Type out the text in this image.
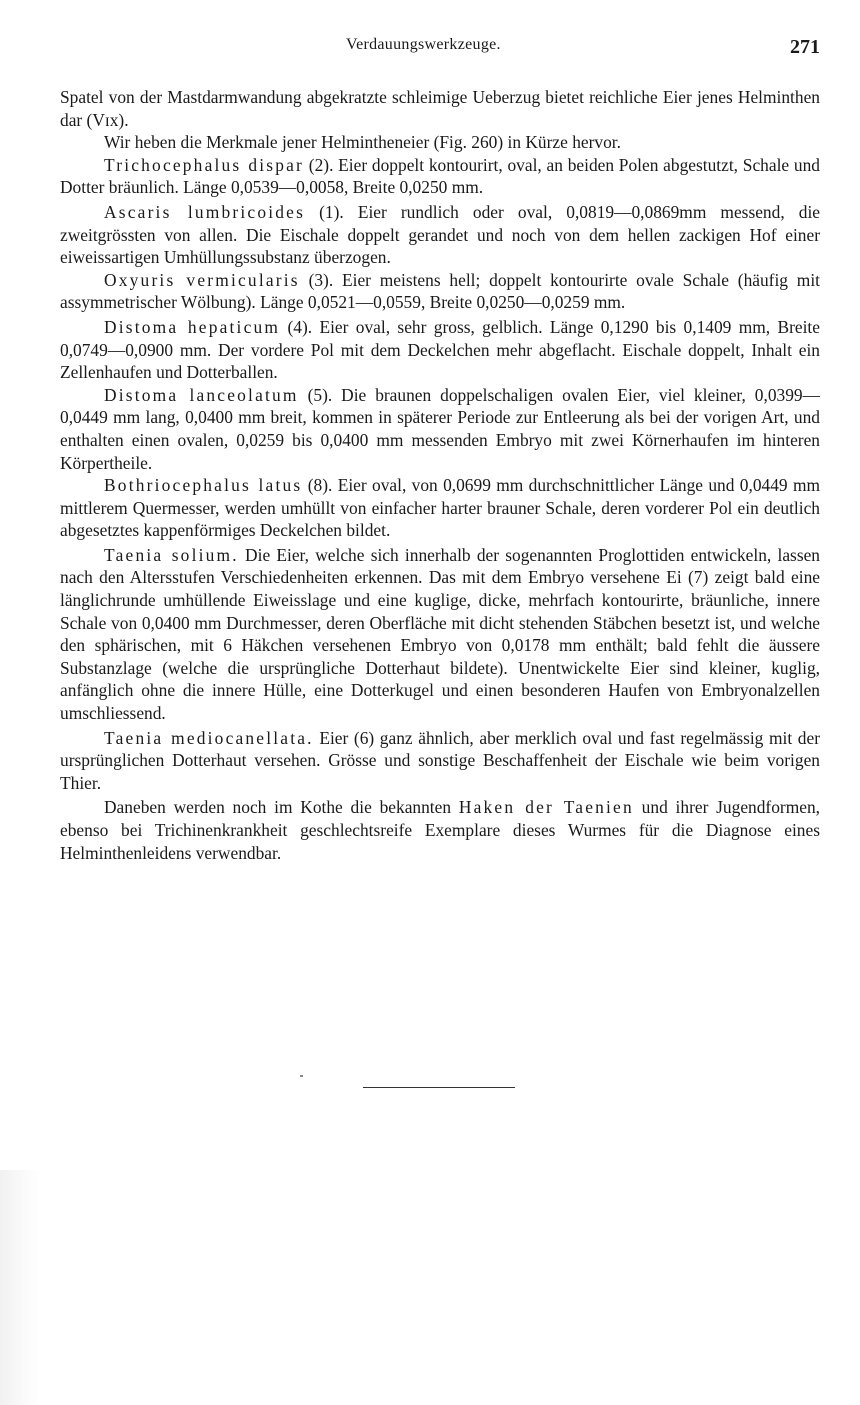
Verdauungswerkzeuge.	271

Spatel von der Mastdarmwandung abgekratzte schleimige Ueberzug bietet reichliche Eier jenes Helminthen dar (Vɪx).

Wir heben die Merkmale jener Helmintheneier (Fig. 260) in Kürze hervor.

Trichocephalus dispar (2). Eier doppelt kontourirt, oval, an beiden Polen abgestutzt, Schale und Dotter bräunlich. Länge 0,0539—0,0058, Breite 0,0250 mm.

Ascaris lumbricoides (1). Eier rundlich oder oval, 0,0819—0,0869mm messend, die zweitgrössten von allen. Die Eischale doppelt gerandet und noch von dem hellen zackigen Hof einer eiweissartigen Umhüllungssubstanz überzogen.

Oxyuris vermicularis (3). Eier meistens hell; doppelt kontourirte ovale Schale (häufig mit assymmetrischer Wölbung). Länge 0,0521—0,0559, Breite 0,0250—0,0259 mm.

Distoma hepaticum (4). Eier oval, sehr gross, gelblich. Länge 0,1290 bis 0,1409 mm, Breite 0,0749—0,0900 mm. Der vordere Pol mit dem Deckelchen mehr abgeflacht. Eischale doppelt, Inhalt ein Zellenhaufen und Dotterballen.

Distoma lanceolatum (5). Die braunen doppelschaligen ovalen Eier, viel kleiner, 0,0399—0,0449 mm lang, 0,0400 mm breit, kommen in späterer Periode zur Entleerung als bei der vorigen Art, und enthalten einen ovalen, 0,0259 bis 0,0400 mm messenden Embryo mit zwei Körnerhaufen im hinteren Körpertheile.

Bothriocephalus latus (8). Eier oval, von 0,0699 mm durchschnittlicher Länge und 0,0449 mm mittlerem Quermesser, werden umhüllt von einfacher harter brauner Schale, deren vorderer Pol ein deutlich abgesetztes kappenförmiges Deckelchen bildet.

Taenia solium. Die Eier, welche sich innerhalb der sogenannten Proglottiden entwickeln, lassen nach den Altersstufen Verschiedenheiten erkennen. Das mit dem Embryo versehene Ei (7) zeigt bald eine länglichrunde umhüllende Eiweisslage und eine kuglige, dicke, mehrfach kontourirte, bräunliche, innere Schale von 0,0400 mm Durchmesser, deren Oberfläche mit dicht stehenden Stäbchen besetzt ist, und welche den sphärischen, mit 6 Häkchen versehenen Embryo von 0,0178 mm enthält; bald fehlt die äussere Substanzlage (welche die ursprüngliche Dotterhaut bildete). Unentwickelte Eier sind kleiner, kuglig, anfänglich ohne die innere Hülle, eine Dotterkugel und einen besonderen Haufen von Embryonalzellen umschliessend.

Taenia mediocanellata. Eier (6) ganz ähnlich, aber merklich oval und fast regelmässig mit der ursprünglichen Dotterhaut versehen. Grösse und sonstige Beschaffenheit der Eischale wie beim vorigen Thier.

Daneben werden noch im Kothe die bekannten Haken der Taenien und ihrer Jugendformen, ebenso bei Trichinenkrankheit geschlechtsreife Exemplare dieses Wurmes für die Diagnose eines Helminthenleidens verwendbar.
